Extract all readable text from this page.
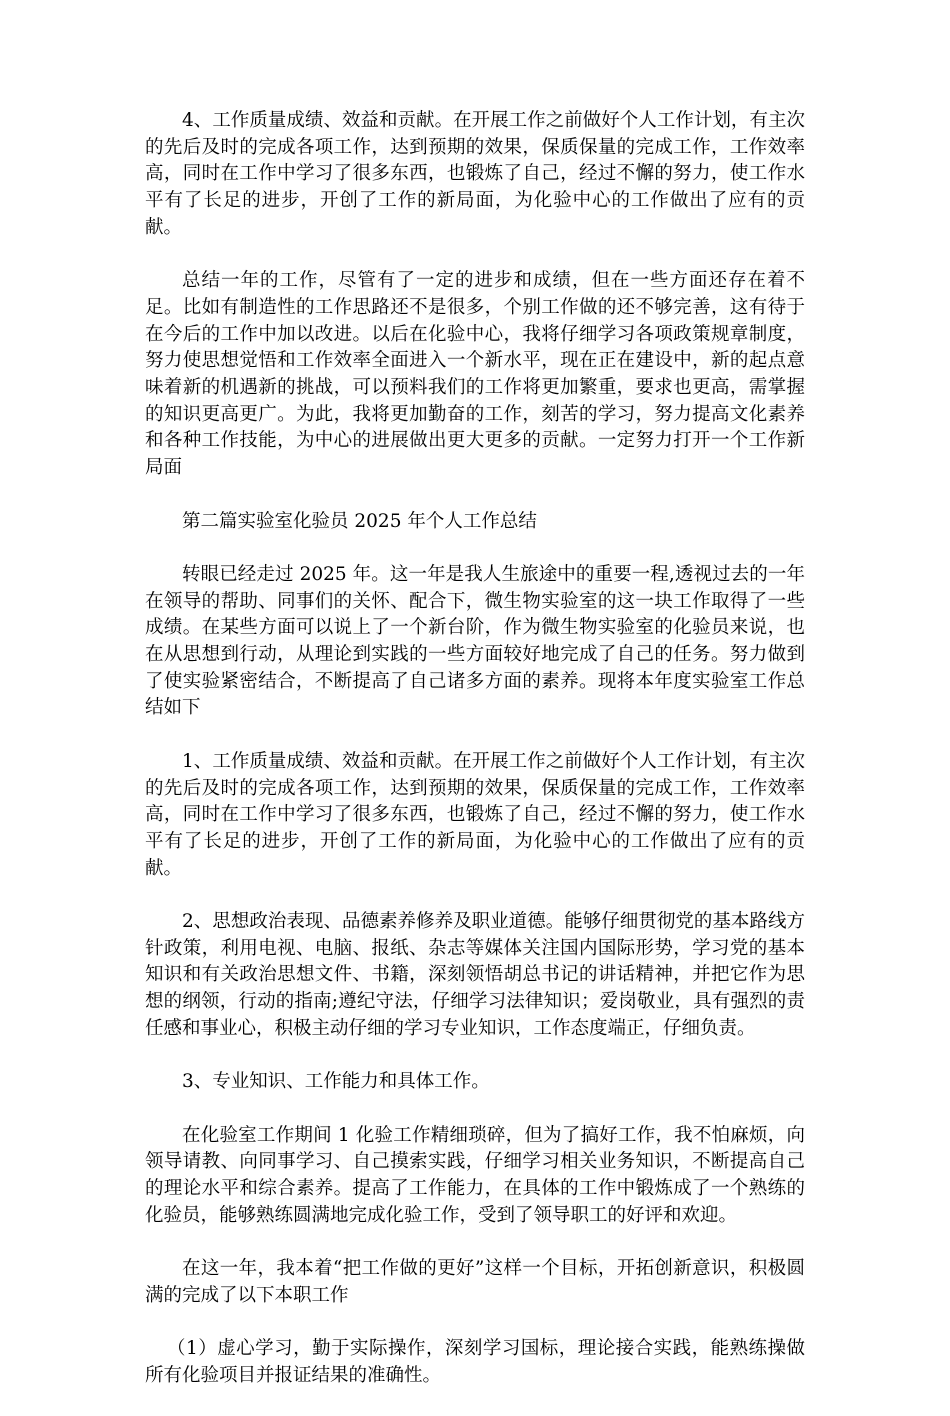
4、工作质量成绩、效益和贡献。在开展工作之前做好个人工作计划，有主次的先后及时的完成各项工作，达到预期的效果，保质保量的完成工作，工作效率高，同时在工作中学习了很多东西，也锻炼了自己，经过不懈的努力，使工作水平有了长足的进步，开创了工作的新局面，为化验中心的工作做出了应有的贡献。

总结一年的工作，尽管有了一定的进步和成绩，但在一些方面还存在着不足。比如有制造性的工作思路还不是很多，个别工作做的还不够完善，这有待于在今后的工作中加以改进。以后在化验中心，我将仔细学习各项政策规章制度，努力使思想觉悟和工作效率全面进入一个新水平，现在正在建设中，新的起点意味着新的机遇新的挑战，可以预料我们的工作将更加繁重，要求也更高，需掌握的知识更高更广。为此，我将更加勤奋的工作，刻苦的学习，努力提高文化素养和各种工作技能，为中心的进展做出更大更多的贡献。一定努力打开一个工作新局面

第二篇实验室化验员 2025 年个人工作总结

转眼已经走过 2025 年。这一年是我人生旅途中的重要一程,透视过去的一年在领导的帮助、同事们的关怀、配合下，微生物实验室的这一块工作取得了一些成绩。在某些方面可以说上了一个新台阶，作为微生物实验室的化验员来说，也在从思想到行动，从理论到实践的一些方面较好地完成了自己的任务。努力做到了使实验紧密结合，不断提高了自己诸多方面的素养。现将本年度实验室工作总结如下

1、工作质量成绩、效益和贡献。在开展工作之前做好个人工作计划，有主次的先后及时的完成各项工作，达到预期的效果，保质保量的完成工作，工作效率高，同时在工作中学习了很多东西，也锻炼了自己，经过不懈的努力，使工作水平有了长足的进步，开创了工作的新局面，为化验中心的工作做出了应有的贡献。

2、思想政治表现、品德素养修养及职业道德。能够仔细贯彻党的基本路线方针政策，利用电视、电脑、报纸、杂志等媒体关注国内国际形势，学习党的基本知识和有关政治思想文件、书籍，深刻领悟胡总书记的讲话精神，并把它作为思想的纲领，行动的指南;遵纪守法，仔细学习法律知识；爱岗敬业，具有强烈的责任感和事业心，积极主动仔细的学习专业知识，工作态度端正，仔细负责。

3、专业知识、工作能力和具体工作。

在化验室工作期间 1 化验工作精细琐碎，但为了搞好工作，我不怕麻烦，向领导请教、向同事学习、自己摸索实践，仔细学习相关业务知识，不断提高自己的理论水平和综合素养。提高了工作能力，在具体的工作中锻炼成了一个熟练的化验员，能够熟练圆满地完成化验工作，受到了领导职工的好评和欢迎。

在这一年，我本着“把工作做的更好”这样一个目标，开拓创新意识，积极圆满的完成了以下本职工作

（1）虚心学习，勤于实际操作，深刻学习国标，理论接合实践，能熟练操做所有化验项目并报证结果的准确性。
